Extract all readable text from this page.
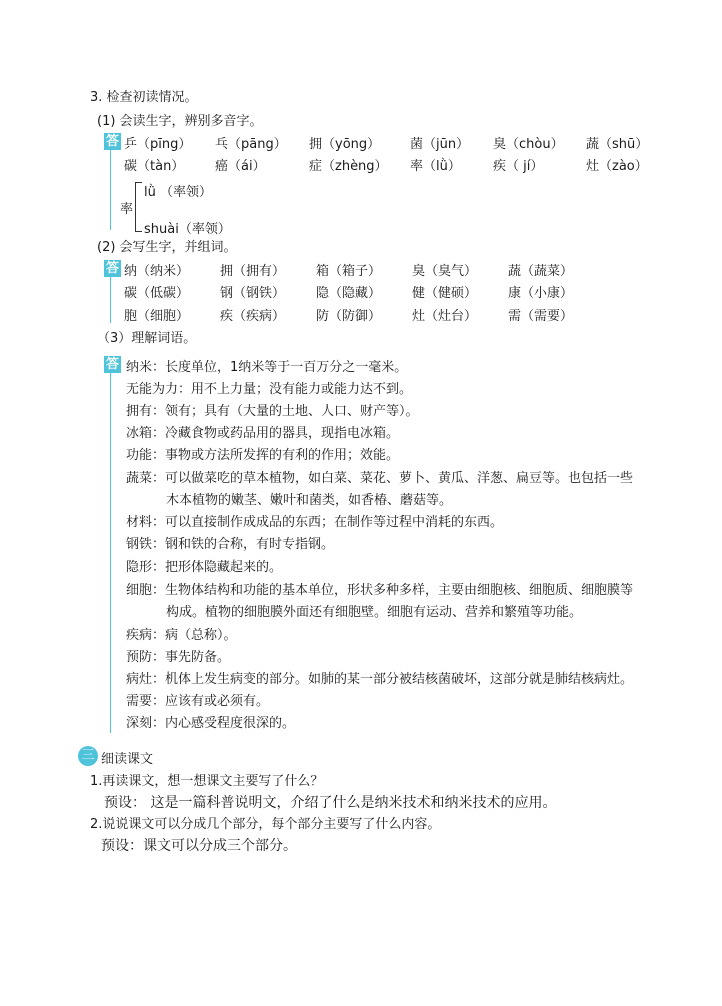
3. 检查初读情况。
(1) 会读生字，辨别多音字。
答 乒（pīng） 乓（pāng） 拥（yōng） 菌（jūn） 臭（chòu） 蔬（shū）
碳（tàn） 癌（ái）	症（zhèng） 率（lǜ） 疾（ jí）	灶（zào）
率
lǜ （率领）
shuài（率领）
(2) 会写生字，并组词。
答 纳（纳米） 拥（拥有） 箱（箱子） 臭（臭气） 蔬（蔬菜）
碳（低碳） 钢（钢铁） 隐（隐藏） 健（健硕） 康（小康）
胞（细胞） 疾（疾病） 防（防御） 灶（灶台） 需（需要）
（3）理解词语。
答 纳米：长度单位，1纳米等于一百万分之一毫米。
无能为力：用不上力量；没有能力或能力达不到。
拥有：领有；具有（大量的土地、人口、财产等）。
冰箱：冷藏食物或药品用的器具，现指电冰箱。
功能：事物或方法所发挥的有利的作用；效能。
蔬菜：可以做菜吃的草本植物，如白菜、菜花、萝卜、黄瓜、洋葱、扁豆等。也包括一些
木本植物的嫩茎、嫩叶和菌类，如香椿、蘑菇等。
材料：可以直接制作成成品的东西；在制作等过程中消耗的东西。
钢铁：钢和铁的合称，有时专指钢。
隐形：把形体隐藏起来的。
细胞：生物体结构和功能的基本单位，形状多种多样，主要由细胞核、细胞质、细胞膜等
构成。植物的细胞膜外面还有细胞壁。细胞有运动、营养和繁殖等功能。
疾病：病（总称）。
预防：事先防备。
病灶：机体上发生病变的部分。如肺的某一部分被结核菌破坏，这部分就是肺结核病灶。
需要：应该有或必须有。
深刻：内心感受程度很深的。
三 细读课文
1.再读课文，想一想课文主要写了什么？
预设： 这是一篇科普说明文，介绍了什么是纳米技术和纳米技术的应用。
2.说说课文可以分成几个部分，每个部分主要写了什么内容。
预设：课文可以分成三个部分。
